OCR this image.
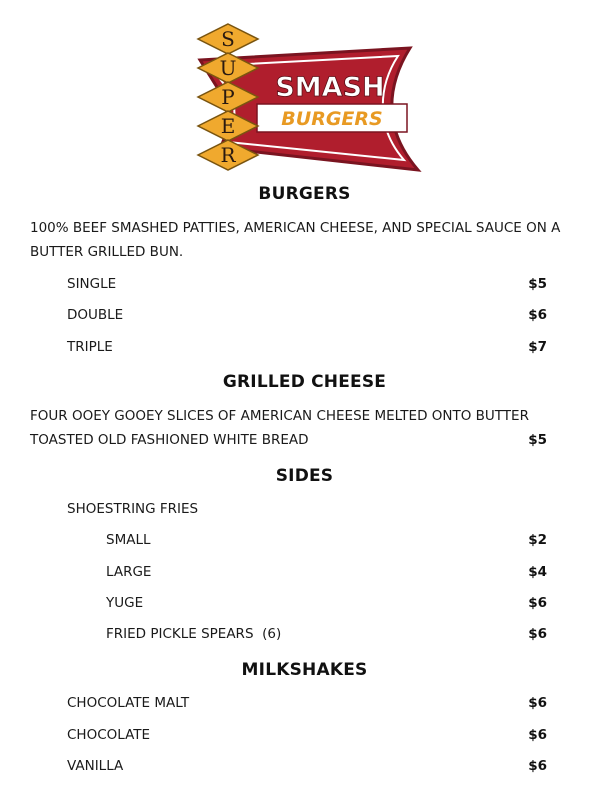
S
U
P
E
R
SMASH
BURGERS
BURGERS
100% BEEF SMASHED PATTIES, AMERICAN CHEESE, AND SPECIAL SAUCE ON A
BUTTER GRILLED BUN.
SINGLE	$5
DOUBLE	$6
TRIPLE	$7
GRILLED CHEESE
FOUR OOEY GOOEY SLICES OF AMERICAN CHEESE MELTED ONTO BUTTER
TOASTED OLD FASHIONED WHITE BREAD	$5
SIDES
SHOESTRING FRIES
SMALL	$2
LARGE	$4
YUGE	$6
FRIED PICKLE SPEARS  (6)	$6
MILKSHAKES
CHOCOLATE MALT	$6
CHOCOLATE	$6
VANILLA	$6
